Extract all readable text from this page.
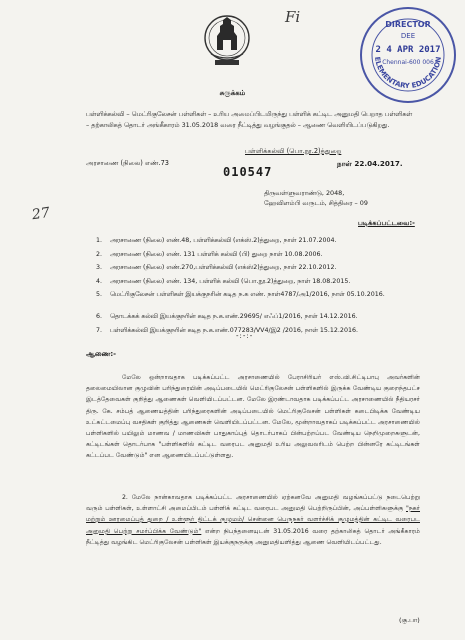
Fi
27
DIRECTOR
DEE
2 4 APR 2017
Chennai-600 006
ELEMENTARY EDUCATION
சுருக்கம்
பள்ளிக்கல்வி – மெட்ரிகுலேசன் பள்ளிகள் – உரிய அமைப்பிடமிருந்து பள்ளிக் கட்டிட அனுமதி பெறாத பள்ளிகள் – தற்காலிகத் தொடர் அங்கீகாரம் 31.05.2018 வரை நீட்டித்து வழங்குதல் – ஆணை வெளியிடப்படுகிறது.
பள்ளிக்கல்வி (பொ.நூ.2)த்துறை
அரசாணை (நிலை) எண்.73	நாள் 22.04.2017.
010547
திருவள்ளுவராண்டு, 2048,
ஹேவிளம்பி வருடம், சித்திரை – 09
படிக்கப்பட்டவை:-
1.	அரசாணை (நிலை) எண்.48, பள்ளிக்கல்வி (எக்ஸ்.2)த்துறை, நாள் 21.07.2004.
2.	அரசாணை (நிலை) எண். 131 பள்ளிக் கல்வி (பி) துறை நாள் 10.08.2006.
3.	அரசாணை (நிலை) எண்.270,பள்ளிக்கல்வி (எக்ஸ்2)த்துறை, நாள் 22.10.2012.
4.	அரசாணை (நிலை) எண். 134, பள்ளிக் கல்வி (பொ.நூ.2)த்துறை, நாள் 18.08.2015.
5.	மெட்ரிகுலேசன் பள்ளிகள் இயக்குநரின் கடித ந.க எண். நாள்4787/அ1/2016, நாள் 05.10.2016.
6.	தொடக்கக் கல்வி இயக்குநரின் கடித ந.க.எண்.29695/ எஃப்1/2016, நாள் 14.12.2016.
7.	பள்ளிக்கல்வி இயக்குநரின் கடித ந.க.எண்.077283/VV4/இ2 /2016, நாள் 15.12.2016.
-:-:-
ஆணை:-
மேலே ஒன்றாவதாக படிக்கப்பட்ட அரசாணையில் பேராசிரியர் எஸ்.வி.சிட்டிபாபு அவர்களின் தலைமையிலான குழுவின் பரிந்துரையின் அடிப்படையில் மெட்ரிகுலேசன் பள்ளிகளில் இருக்க வேண்டிய குறைந்தபட்ச இடத்தேவைகள் குறித்து ஆணைகள் வெளியிடப்பட்டன. மேலே இரண்டாவதாக படிக்கப்பட்ட அரசாணையில் நீதியரசர் திரு. கே. சம்பத் ஆணையத்தின் பரிந்துரைகளின் அடிப்படையில் மெட்ரிகுலேசன் பள்ளிகள் கடைபிடிக்க வேண்டிய உட்கட்டமைப்பு வசதிகள் குறித்து ஆணைகள் வெளியிடப்பட்டன. மேலே, மூன்றாவதாகப் படிக்கப்பட்ட அரசாணையில் பள்ளிகளில் பயிலும் மாணவ / மாணவிகள் பாதுகாப்புத் தொடர்பாகப் பின்பற்றப்பட வேண்டிய நெறிமுறைகளுடன், கட்டிடங்கள் தொடர்பாக "பள்ளிகளில் கட்டிட வரைபட அனுமதி உரிய அலுவலரிடம் பெற்ற பின்னரே கட்டிடங்கள் கட்டப்பட வேண்டும்" என ஆணையிடப்பட்டுள்ளது.
2. மேலே நான்காவதாக படிக்கப்பட்ட அரசாணையில் ஏற்கனவே அனுமதி வழங்கப்பட்டு நடைபெற்று வரும் பள்ளிகள், உள்ளாட்சி அமைப்பிடம் பள்ளிக் கட்டிட வரைபட அனுமதி பெற்றிருப்பின், அப்பள்ளிகளுக்கு "நகர் மற்றும் ஊரமைப்புத் துறை / உள்ளூர் திட்டக் குழுமம்/ சென்னை பெருநகர் வளர்ச்சிக் குழுமத்தின் கட்டிட வரைபட அனுமதி பெற்று சமர்ப்பிக்க வேண்டும்" என்ற நிபந்தனையுடன் 31.05.2016 வரை தற்காலிகத் தொடர் அங்கீகாரம் நீட்டித்து வழங்கிட மெட்ரிகுலேசன் பள்ளிகள் இயக்குநருக்கு அனுமதியளித்து ஆணை வெளியிடப்பட்டது.
(கு.பா)
